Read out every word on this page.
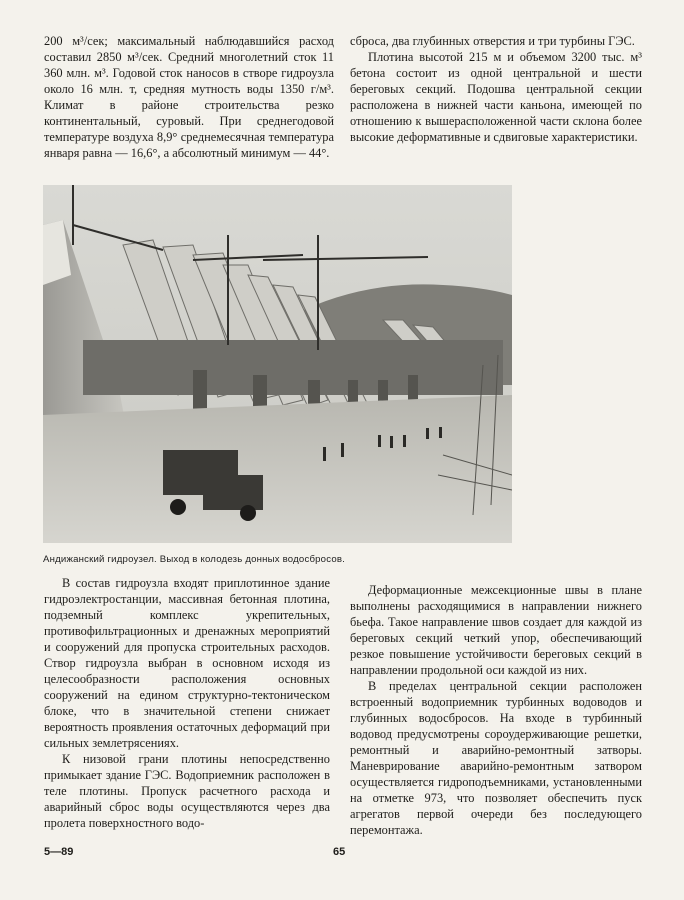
200 м³/сек; максимальный наблюдавшийся расход составил 2850 м³/сек. Средний многолетний сток 11 360 млн. м³. Годовой сток наносов в створе гидроузла около 16 млн. т, средняя мутность воды 1350 г/м³. Климат в районе строительства резко континентальный, суровый. При среднегодовой температуре воздуха 8,9° среднемесячная температура января равна — 16,6°, а абсолютный минимум — 44°.

сброса, два глубинных отверстия и три турбины ГЭС.

Плотина высотой 215 м и объемом 3200 тыс. м³ бетона состоит из одной центральной и шести береговых секций. Подошва центральной секции расположена в нижней части каньона, имеющей по отношению к вышерасположенной части склона более высокие деформативные и сдвиговые характеристики.

Андижанский гидроузел. Выход в колодезь донных водосбросов.

В состав гидроузла входят приплотинное здание гидроэлектростанции, массивная бетонная плотина, подземный комплекс укрепительных, противофильтрационных и дренажных мероприятий и сооружений для пропуска строительных расходов. Створ гидроузла выбран в основном исходя из целесообразности расположения основных сооружений на едином структурно-тектоническом блоке, что в значительной степени снижает вероятность проявления остаточных деформаций при сильных землетрясениях.

К низовой грани плотины непосредственно примыкает здание ГЭС. Водоприемник расположен в теле плотины. Пропуск расчетного расхода и аварийный сброс воды осуществляются через два пролета поверхностного водо-

Деформационные межсекционные швы в плане выполнены расходящимися в направлении нижнего бьефа. Такое направление швов создает для каждой из береговых секций четкий упор, обеспечивающий резкое повышение устойчивости береговых секций в направлении продольной оси каждой из них.

В пределах центральной секции расположен встроенный водоприемник турбинных водоводов и глубинных водосбросов. На входе в турбинный водовод предусмотрены сороудерживающие решетки, ремонтный и аварийно-ремонтный затворы. Маневрирование аварийно-ремонтным затвором осуществляется гидроподъемниками, установленными на отметке 973, что позволяет обеспечить пуск агрегатов первой очереди без последующего перемонтажа.

5—89	65
